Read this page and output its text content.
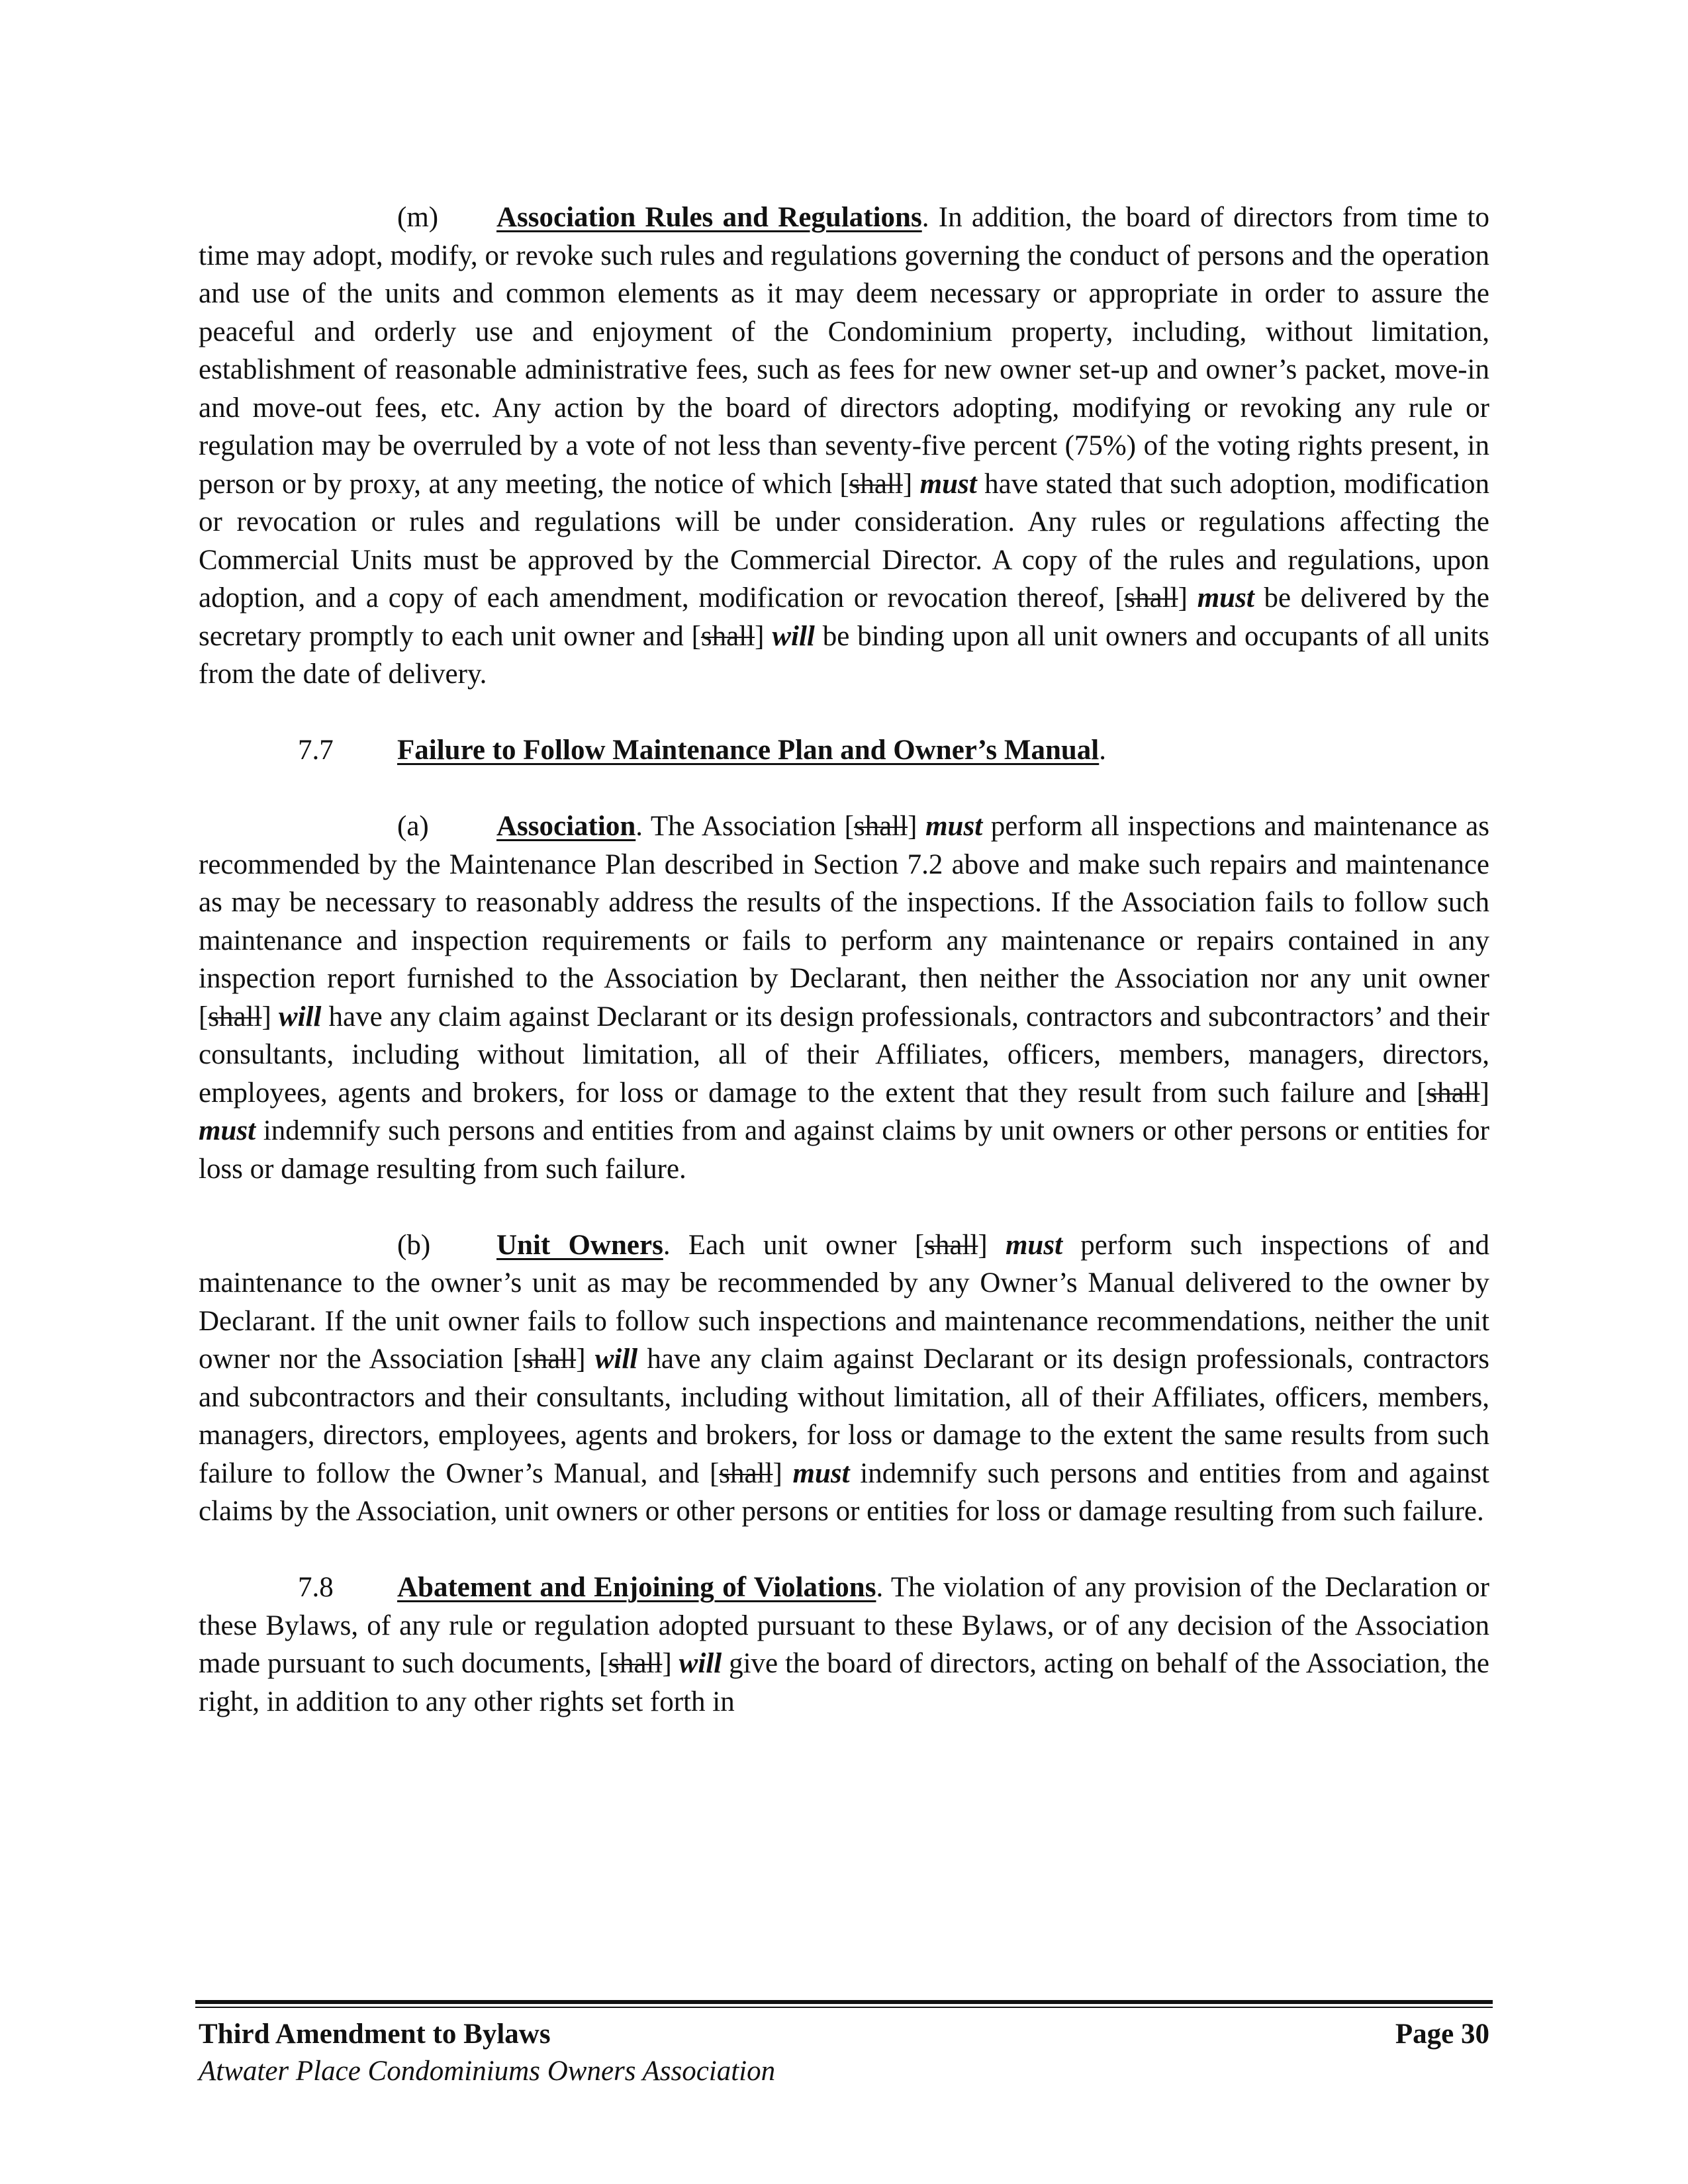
(m) Association Rules and Regulations. In addition, the board of directors from time to time may adopt, modify, or revoke such rules and regulations governing the conduct of persons and the operation and use of the units and common elements as it may deem necessary or appropriate in order to assure the peaceful and orderly use and enjoyment of the Condominium property, including, without limitation, establishment of reasonable administrative fees, such as fees for new owner set-up and owner’s packet, move-in and move-out fees, etc. Any action by the board of directors adopting, modifying or revoking any rule or regulation may be overruled by a vote of not less than seventy-five percent (75%) of the voting rights present, in person or by proxy, at any meeting, the notice of which [shall] must have stated that such adoption, modification or revocation or rules and regulations will be under consideration. Any rules or regulations affecting the Commercial Units must be approved by the Commercial Director. A copy of the rules and regulations, upon adoption, and a copy of each amendment, modification or revocation thereof, [shall] must be delivered by the secretary promptly to each unit owner and [shall] will be binding upon all unit owners and occupants of all units from the date of delivery.

7.7 Failure to Follow Maintenance Plan and Owner’s Manual.

(a) Association. The Association [shall] must perform all inspections and maintenance as recommended by the Maintenance Plan described in Section 7.2 above and make such repairs and maintenance as may be necessary to reasonably address the results of the inspections. If the Association fails to follow such maintenance and inspection requirements or fails to perform any maintenance or repairs contained in any inspection report furnished to the Association by Declarant, then neither the Association nor any unit owner [shall] will have any claim against Declarant or its design professionals, contractors and subcontractors’ and their consultants, including without limitation, all of their Affiliates, officers, members, managers, directors, employees, agents and brokers, for loss or damage to the extent that they result from such failure and [shall] must indemnify such persons and entities from and against claims by unit owners or other persons or entities for loss or damage resulting from such failure.

(b) Unit Owners. Each unit owner [shall] must perform such inspections of and maintenance to the owner’s unit as may be recommended by any Owner’s Manual delivered to the owner by Declarant. If the unit owner fails to follow such inspections and maintenance recommendations, neither the unit owner nor the Association [shall] will have any claim against Declarant or its design professionals, contractors and subcontractors and their consultants, including without limitation, all of their Affiliates, officers, members, managers, directors, employees, agents and brokers, for loss or damage to the extent the same results from such failure to follow the Owner’s Manual, and [shall] must indemnify such persons and entities from and against claims by the Association, unit owners or other persons or entities for loss or damage resulting from such failure.

7.8 Abatement and Enjoining of Violations. The violation of any provision of the Declaration or these Bylaws, of any rule or regulation adopted pursuant to these Bylaws, or of any decision of the Association made pursuant to such documents, [shall] will give the board of directors, acting on behalf of the Association, the right, in addition to any other rights set forth in

Third Amendment to Bylaws	Page 30
Atwater Place Condominiums Owners Association
